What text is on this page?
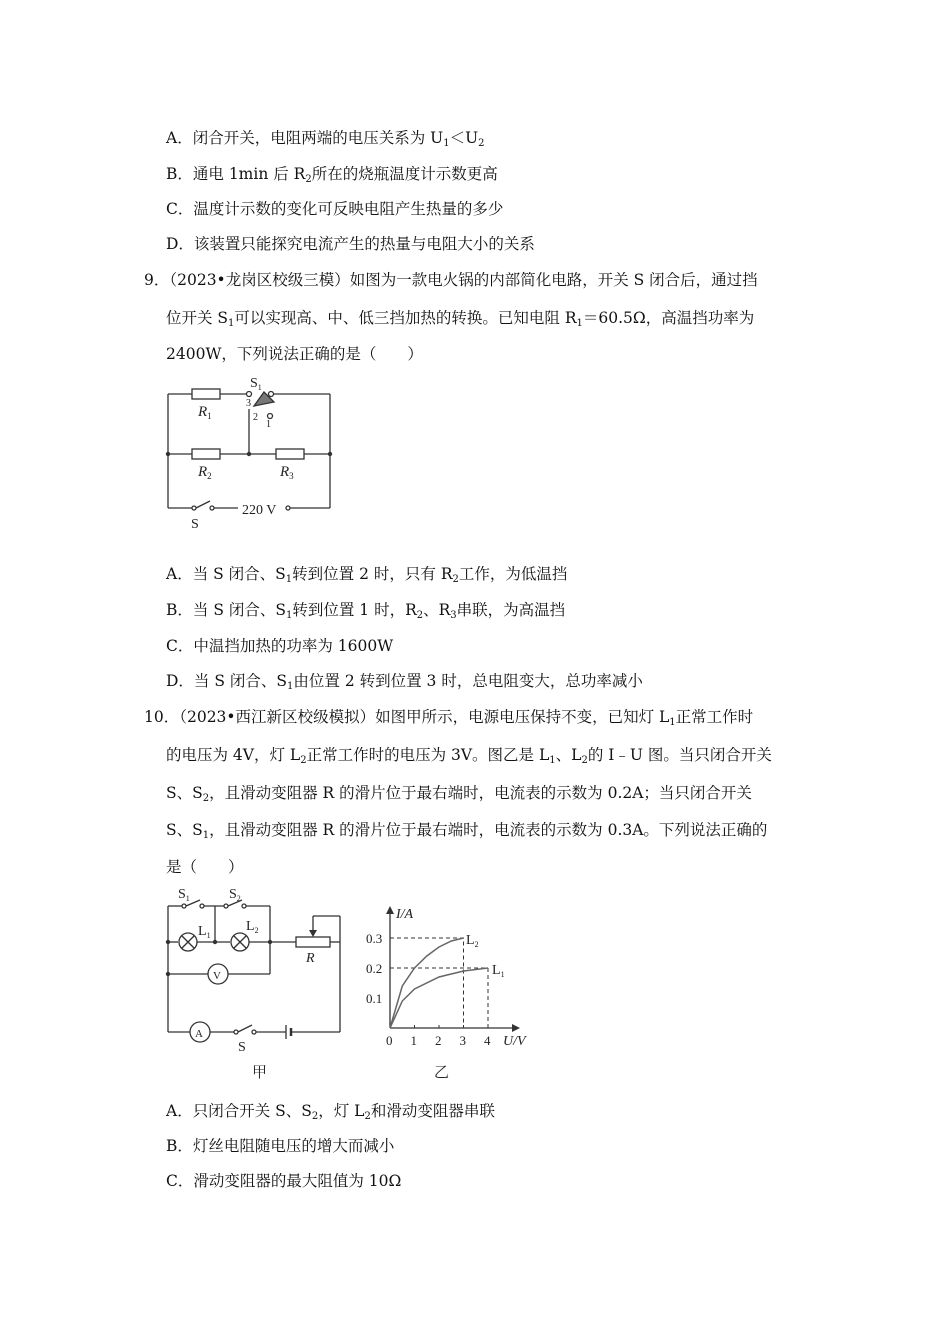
A．闭合开关，电阻两端的电压关系为 $U_1<U_2$
B．通电 1min 后 $R_2$所在的烧瓶温度计示数更高
C．温度计示数的变化可反映电阻产生热量的多少
D．该装置只能探究电流产生的热量与电阻大小的关系
9．（2023•龙岗区校级三模）如图为一款电火锅的内部简化电路，开关 S 闭合后，通过挡
位开关 $S_1$可以实现高、中、低三挡加热的转换。已知电阻 $R_1=60.5\Omega$，高温挡功率为
2400W，下列说法正确的是（　　）
$R_1$
$R_2$	$R_3$
$S_1$
3
2
1
S
220 V
A．当 S 闭合、$S_1$转到位置 2 时，只有 $R_2$工作，为低温挡
B．当 S 闭合、$S_1$转到位置 1 时，$R_2$、$R_3$串联，为高温挡
C．中温挡加热的功率为 1600W
D．当 S 闭合、$S_1$由位置 2 转到位置 3 时，总电阻变大，总功率减小
10．（2023•西江新区校级模拟）如图甲所示，电源电压保持不变，已知灯 $L_1$正常工作时
的电压为 4V，灯 $L_2$正常工作时的电压为 3V。图乙是 $L_1$、$L_2$的 I﹣U 图。当只闭合开关
S、$S_2$，且滑动变阻器 R 的滑片位于最右端时，电流表的示数为 0.2A；当只闭合开关
S、$S_1$，且滑动变阻器 R 的滑片位于最右端时，电流表的示数为 0.3A。下列说法正确的
是（　　）
$S_1$	$S_2$
$L_1$
$L_2$
R
V
A
S
甲
0.3
0.2
0.1
0 1 2 3 4
I/A
U/V
$L_2$
$L_1$
乙
A．只闭合开关 S、$S_2$，灯 $L_2$和滑动变阻器串联
B．灯丝电阻随电压的增大而减小
C．滑动变阻器的最大阻值为 10Ω
